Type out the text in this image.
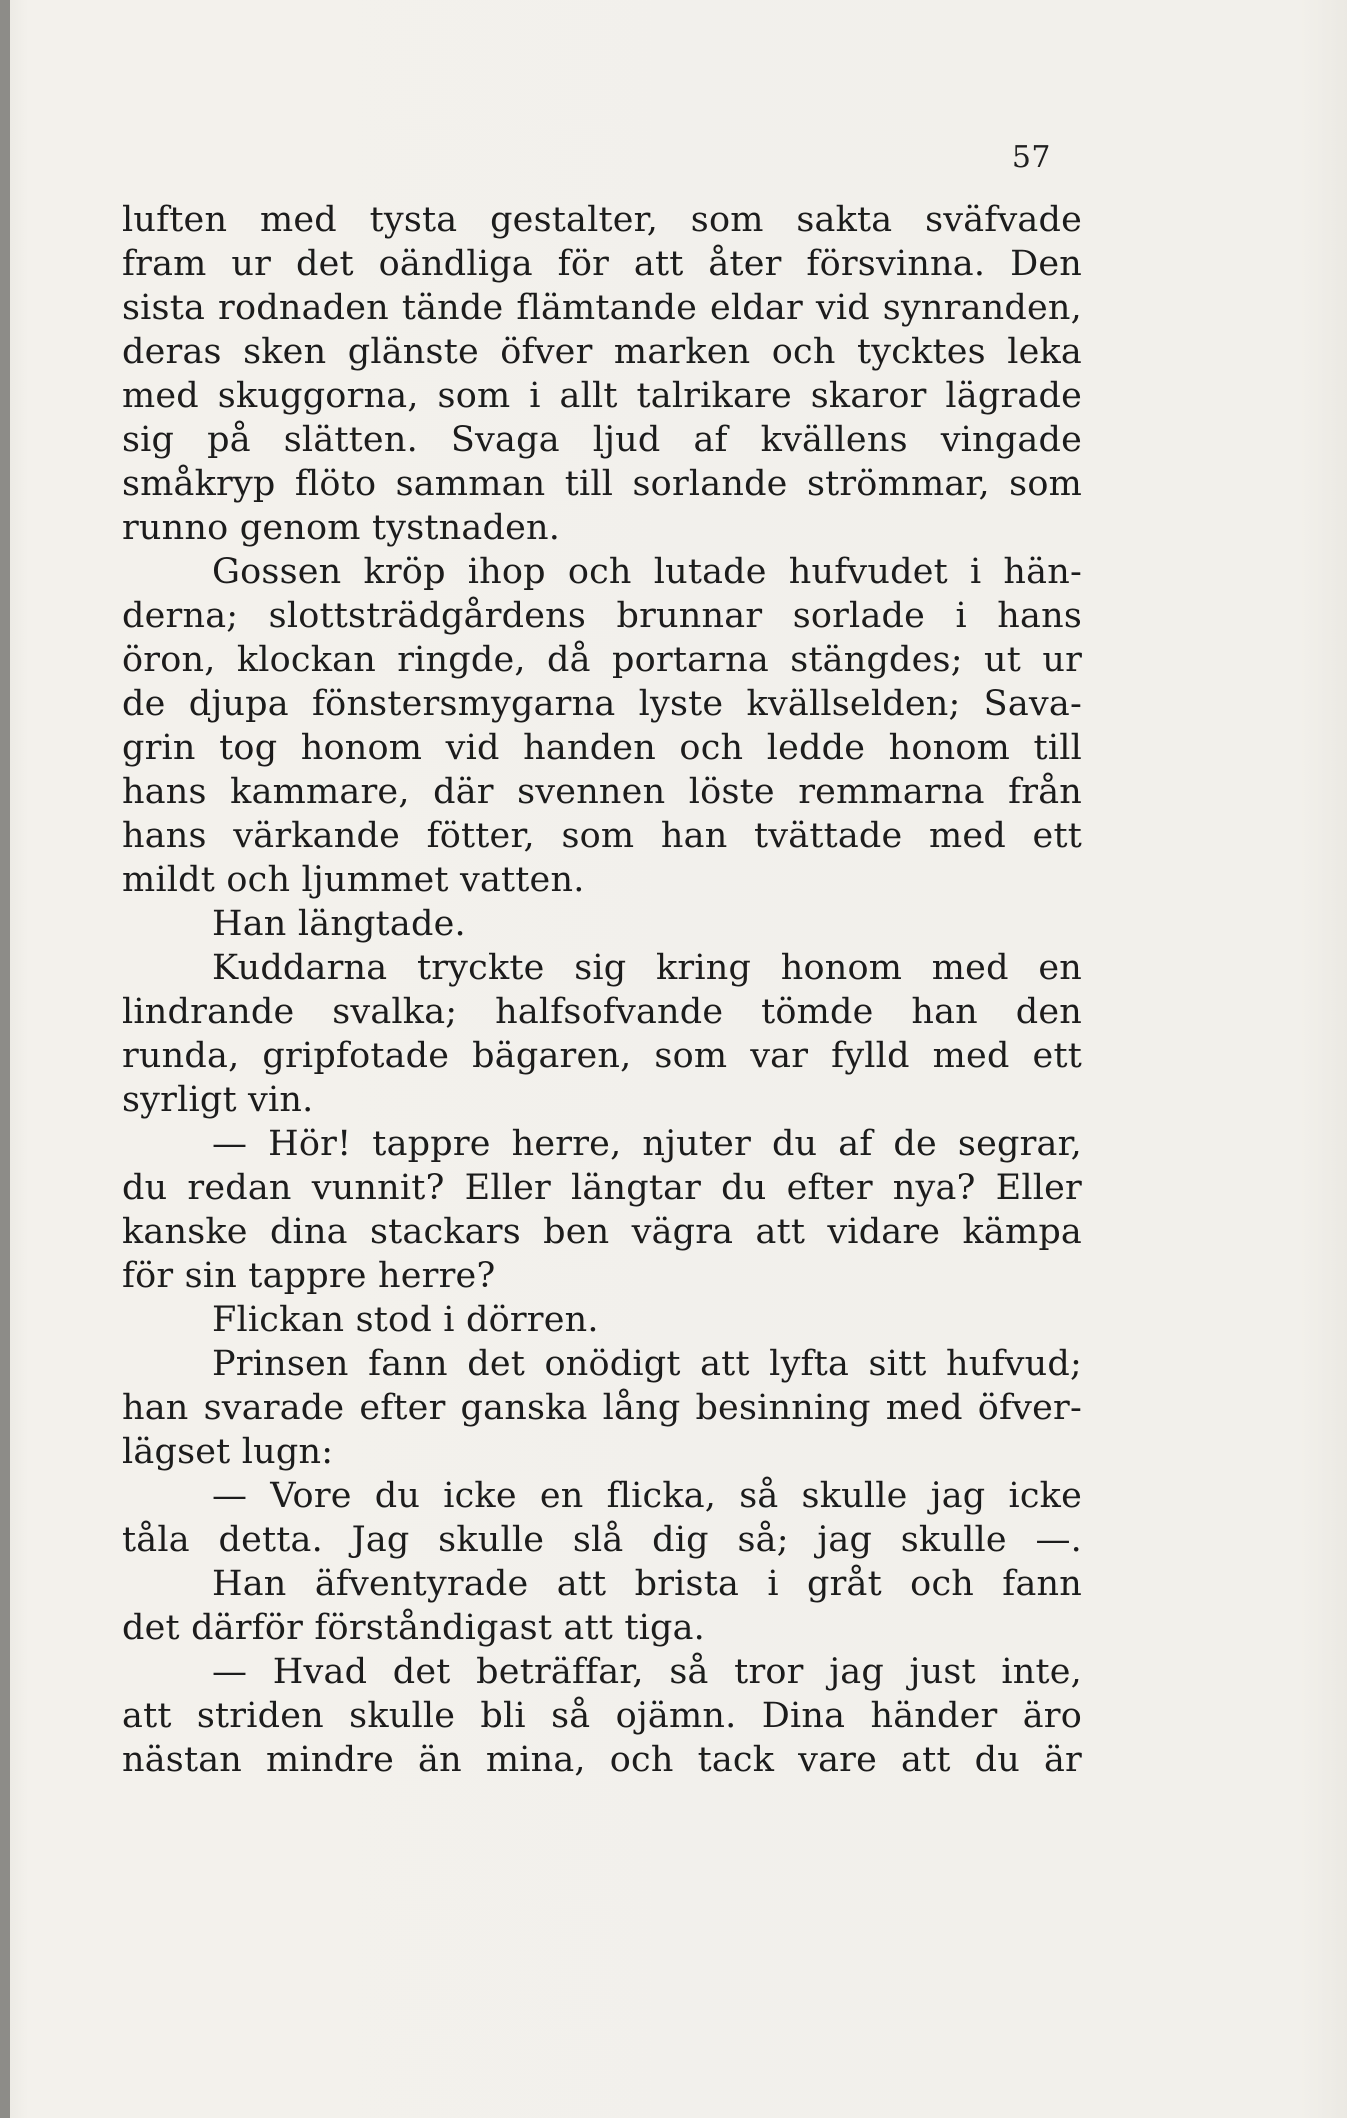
57
luften med tysta gestalter, som sakta sväfvade
fram ur det oändliga för att åter försvinna. Den
sista rodnaden tände flämtande eldar vid synranden,
deras sken glänste öfver marken och tycktes leka
med skuggorna, som i allt talrikare skaror lägrade
sig på slätten. Svaga ljud af kvällens vingade
småkryp flöto samman till sorlande strömmar, som
runno genom tystnaden.
Gossen kröp ihop och lutade hufvudet i hän-
derna; slottsträdgårdens brunnar sorlade i hans
öron, klockan ringde, då portarna stängdes; ut ur
de djupa fönstersmygarna lyste kvällselden; Sava-
grin tog honom vid handen och ledde honom till
hans kammare, där svennen löste remmarna från
hans värkande fötter, som han tvättade med ett
mildt och ljummet vatten.
Han längtade.
Kuddarna tryckte sig kring honom med en
lindrande svalka; halfsofvande tömde han den
runda, gripfotade bägaren, som var fylld med ett
syrligt vin.
— Hör! tappre herre, njuter du af de segrar,
du redan vunnit? Eller längtar du efter nya? Eller
kanske dina stackars ben vägra att vidare kämpa
för sin tappre herre?
Flickan stod i dörren.
Prinsen fann det onödigt att lyfta sitt hufvud;
han svarade efter ganska lång besinning med öfver-
lägset lugn:
— Vore du icke en flicka, så skulle jag icke
tåla detta. Jag skulle slå dig så; jag skulle —.
Han äfventyrade att brista i gråt och fann
det därför förståndigast att tiga.
— Hvad det beträffar, så tror jag just inte,
att striden skulle bli så ojämn. Dina händer äro
nästan mindre än mina, och tack vare att du är
